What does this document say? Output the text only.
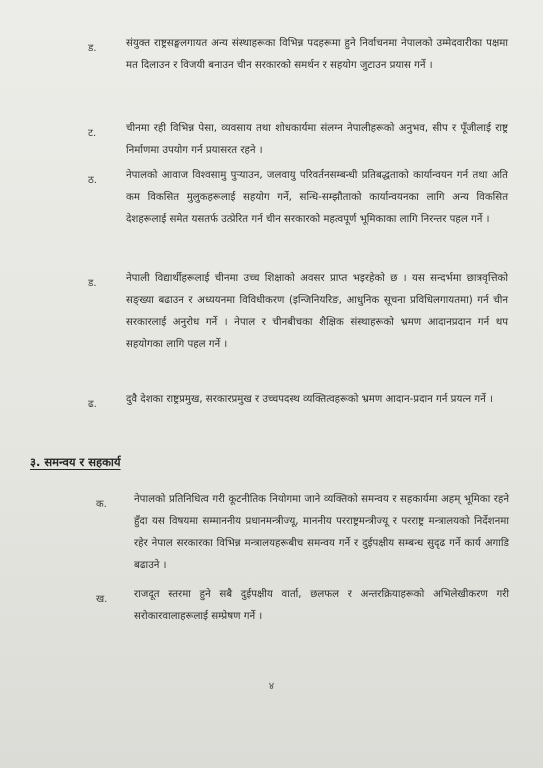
ड.	संयुक्त राष्ट्रसङ्घलगायत अन्य संस्थाहरूका विभिन्न पदहरूमा हुने निर्वाचनमा नेपालको उम्मेदवारीका पक्षमा मत दिलाउन र विजयी बनाउन चीन सरकारको समर्थन र सहयोग जुटाउन प्रयास गर्ने ।
ट.	चीनमा रही विभिन्न पेसा, व्यवसाय तथा शोधकार्यमा संलग्न नेपालीहरूको अनुभव, सीप र पूँजीलाई राष्ट्र निर्माणमा उपयोग गर्न प्रयासरत रहने ।
ठ.	नेपालको आवाज विश्वसामु पुऱ्याउन, जलवायु परिवर्तनसम्बन्धी प्रतिबद्धताको कार्यान्वयन गर्न तथा अति कम विकसित मुलुकहरूलाई सहयोग गर्ने, सन्धि-सम्झौताको कार्यान्वयनका लागि अन्य विकसित देशहरूलाई समेत यसतर्फ उत्प्रेरित गर्न चीन सरकारको महत्वपूर्ण भूमिकाका लागि निरन्तर पहल गर्ने ।
ड.	नेपाली विद्यार्थीहरूलाई चीनमा उच्च शिक्षाको अवसर प्राप्त भइरहेको छ । यस सन्दर्भमा छात्रवृत्तिको सङ्ख्या बढाउन र अध्ययनमा विविधीकरण (इन्जिनियरिङ, आधुनिक सूचना प्रविधिलगायतमा) गर्न चीन सरकारलाई अनुरोध गर्ने । नेपाल र चीनबीचका शैक्षिक संस्थाहरूको भ्रमण आदानप्रदान गर्न थप सहयोगका लागि पहल गर्ने ।
ढ.	दुवै देशका राष्ट्रप्रमुख, सरकारप्रमुख र उच्चपदस्थ व्यक्तित्वहरूको भ्रमण आदान-प्रदान गर्न प्रयत्न गर्ने ।
३. समन्वय र सहकार्य
क.	नेपालको प्रतिनिधित्व गरी कूटनीतिक नियोगमा जाने व्यक्तिको समन्वय र सहकार्यमा अहम् भूमिका रहने हुँदा यस विषयमा सम्माननीय प्रधानमन्त्रीज्यू, माननीय परराष्ट्रमन्त्रीज्यू र परराष्ट्र मन्त्रालयको निर्देशनमा रहेर नेपाल सरकारका विभिन्न मन्त्रालयहरूबीच समन्वय गर्ने र दुईपक्षीय सम्बन्ध सुदृढ गर्ने कार्य अगाडि बढाउने ।
ख.	राजदूत स्तरमा हुने सबै दुईपक्षीय वार्ता, छलफल र अन्तरक्रियाहरूको अभिलेखीकरण गरी सरोकारवालाहरूलाई सम्प्रेषण गर्ने ।
४
